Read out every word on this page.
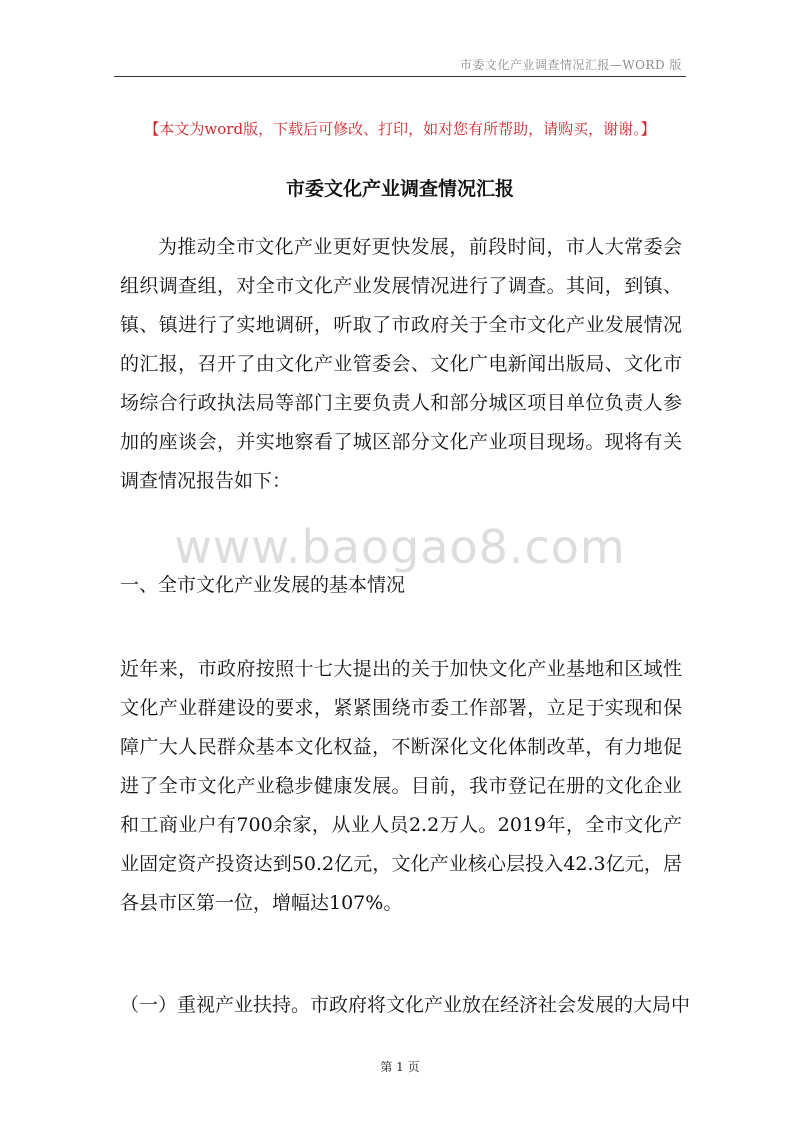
市委文化产业调查情况汇报—WORD 版
【本文为word版，下载后可修改、打印，如对您有所帮助，请购买，谢谢。】
市委文化产业调查情况汇报
为推动全市文化产业更好更快发展，前段时间，市人大常委会组织调查组，对全市文化产业发展情况进行了调查。其间，到镇、镇、镇进行了实地调研，听取了市政府关于全市文化产业发展情况的汇报，召开了由文化产业管委会、文化广电新闻出版局、文化市场综合行政执法局等部门主要负责人和部分城区项目单位负责人参加的座谈会，并实地察看了城区部分文化产业项目现场。现将有关调查情况报告如下：
www.baogao8.com
一、全市文化产业发展的基本情况
近年来，市政府按照十七大提出的关于加快文化产业基地和区域性文化产业群建设的要求，紧紧围绕市委工作部署，立足于实现和保障广大人民群众基本文化权益，不断深化文化体制改革，有力地促进了全市文化产业稳步健康发展。目前，我市登记在册的文化企业和工商业户有700余家，从业人员2.2万人。2019年，全市文化产业固定资产投资达到50.2亿元，文化产业核心层投入42.3亿元，居各县市区第一位，增幅达107%。
（一）重视产业扶持。市政府将文化产业放在经济社会发展的大局中
第 1 页
